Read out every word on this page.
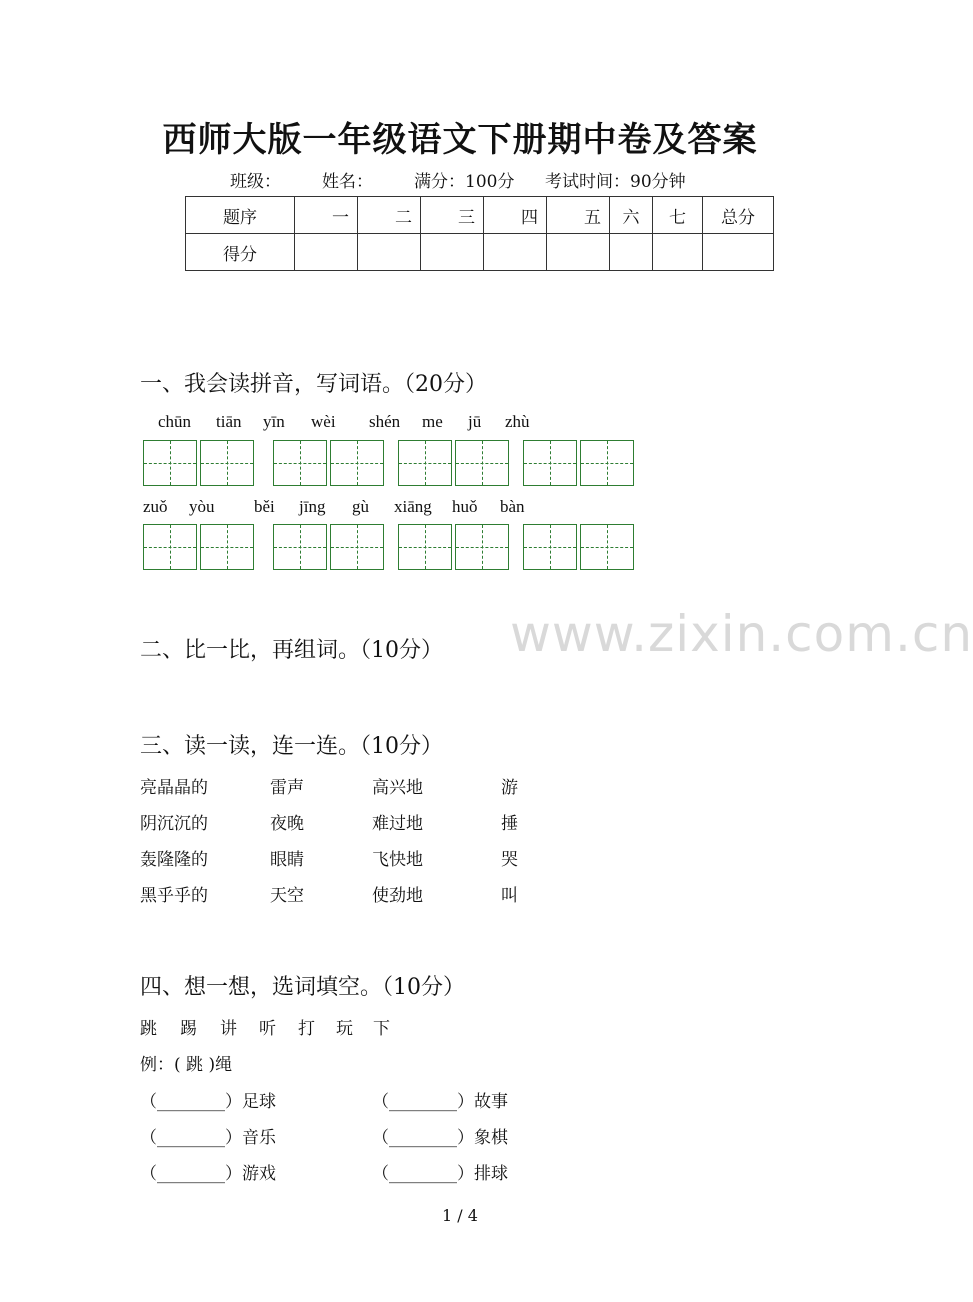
西师大版一年级语文下册期中卷及答案
班级： 姓名： 满分：100分 考试时间：90分钟
题序	一	二	三	四	五	六	七	总分
得分								
一、我会读拼音，写词语。（20分）
chūn tiān yīn wèi shén me jū zhù
zuǒ yòu běi jīng gù xiāng huǒ bàn
www.zixin.com.cn
二、比一比，再组词。（10分）
三、读一读，连一连。（10分）
亮晶晶的	雷声	高兴地	游
阴沉沉的	夜晚	难过地	捶
轰隆隆的	眼睛	飞快地	哭
黑乎乎的	天空	使劲地	叫
四、想一想，选词填空。（10分）
跳 踢 讲 听 打 玩 下
例：( 跳 )绳
（________）足球	（________）故事
（________）音乐	（________）象棋
（________）游戏	（________）排球
1 / 4
